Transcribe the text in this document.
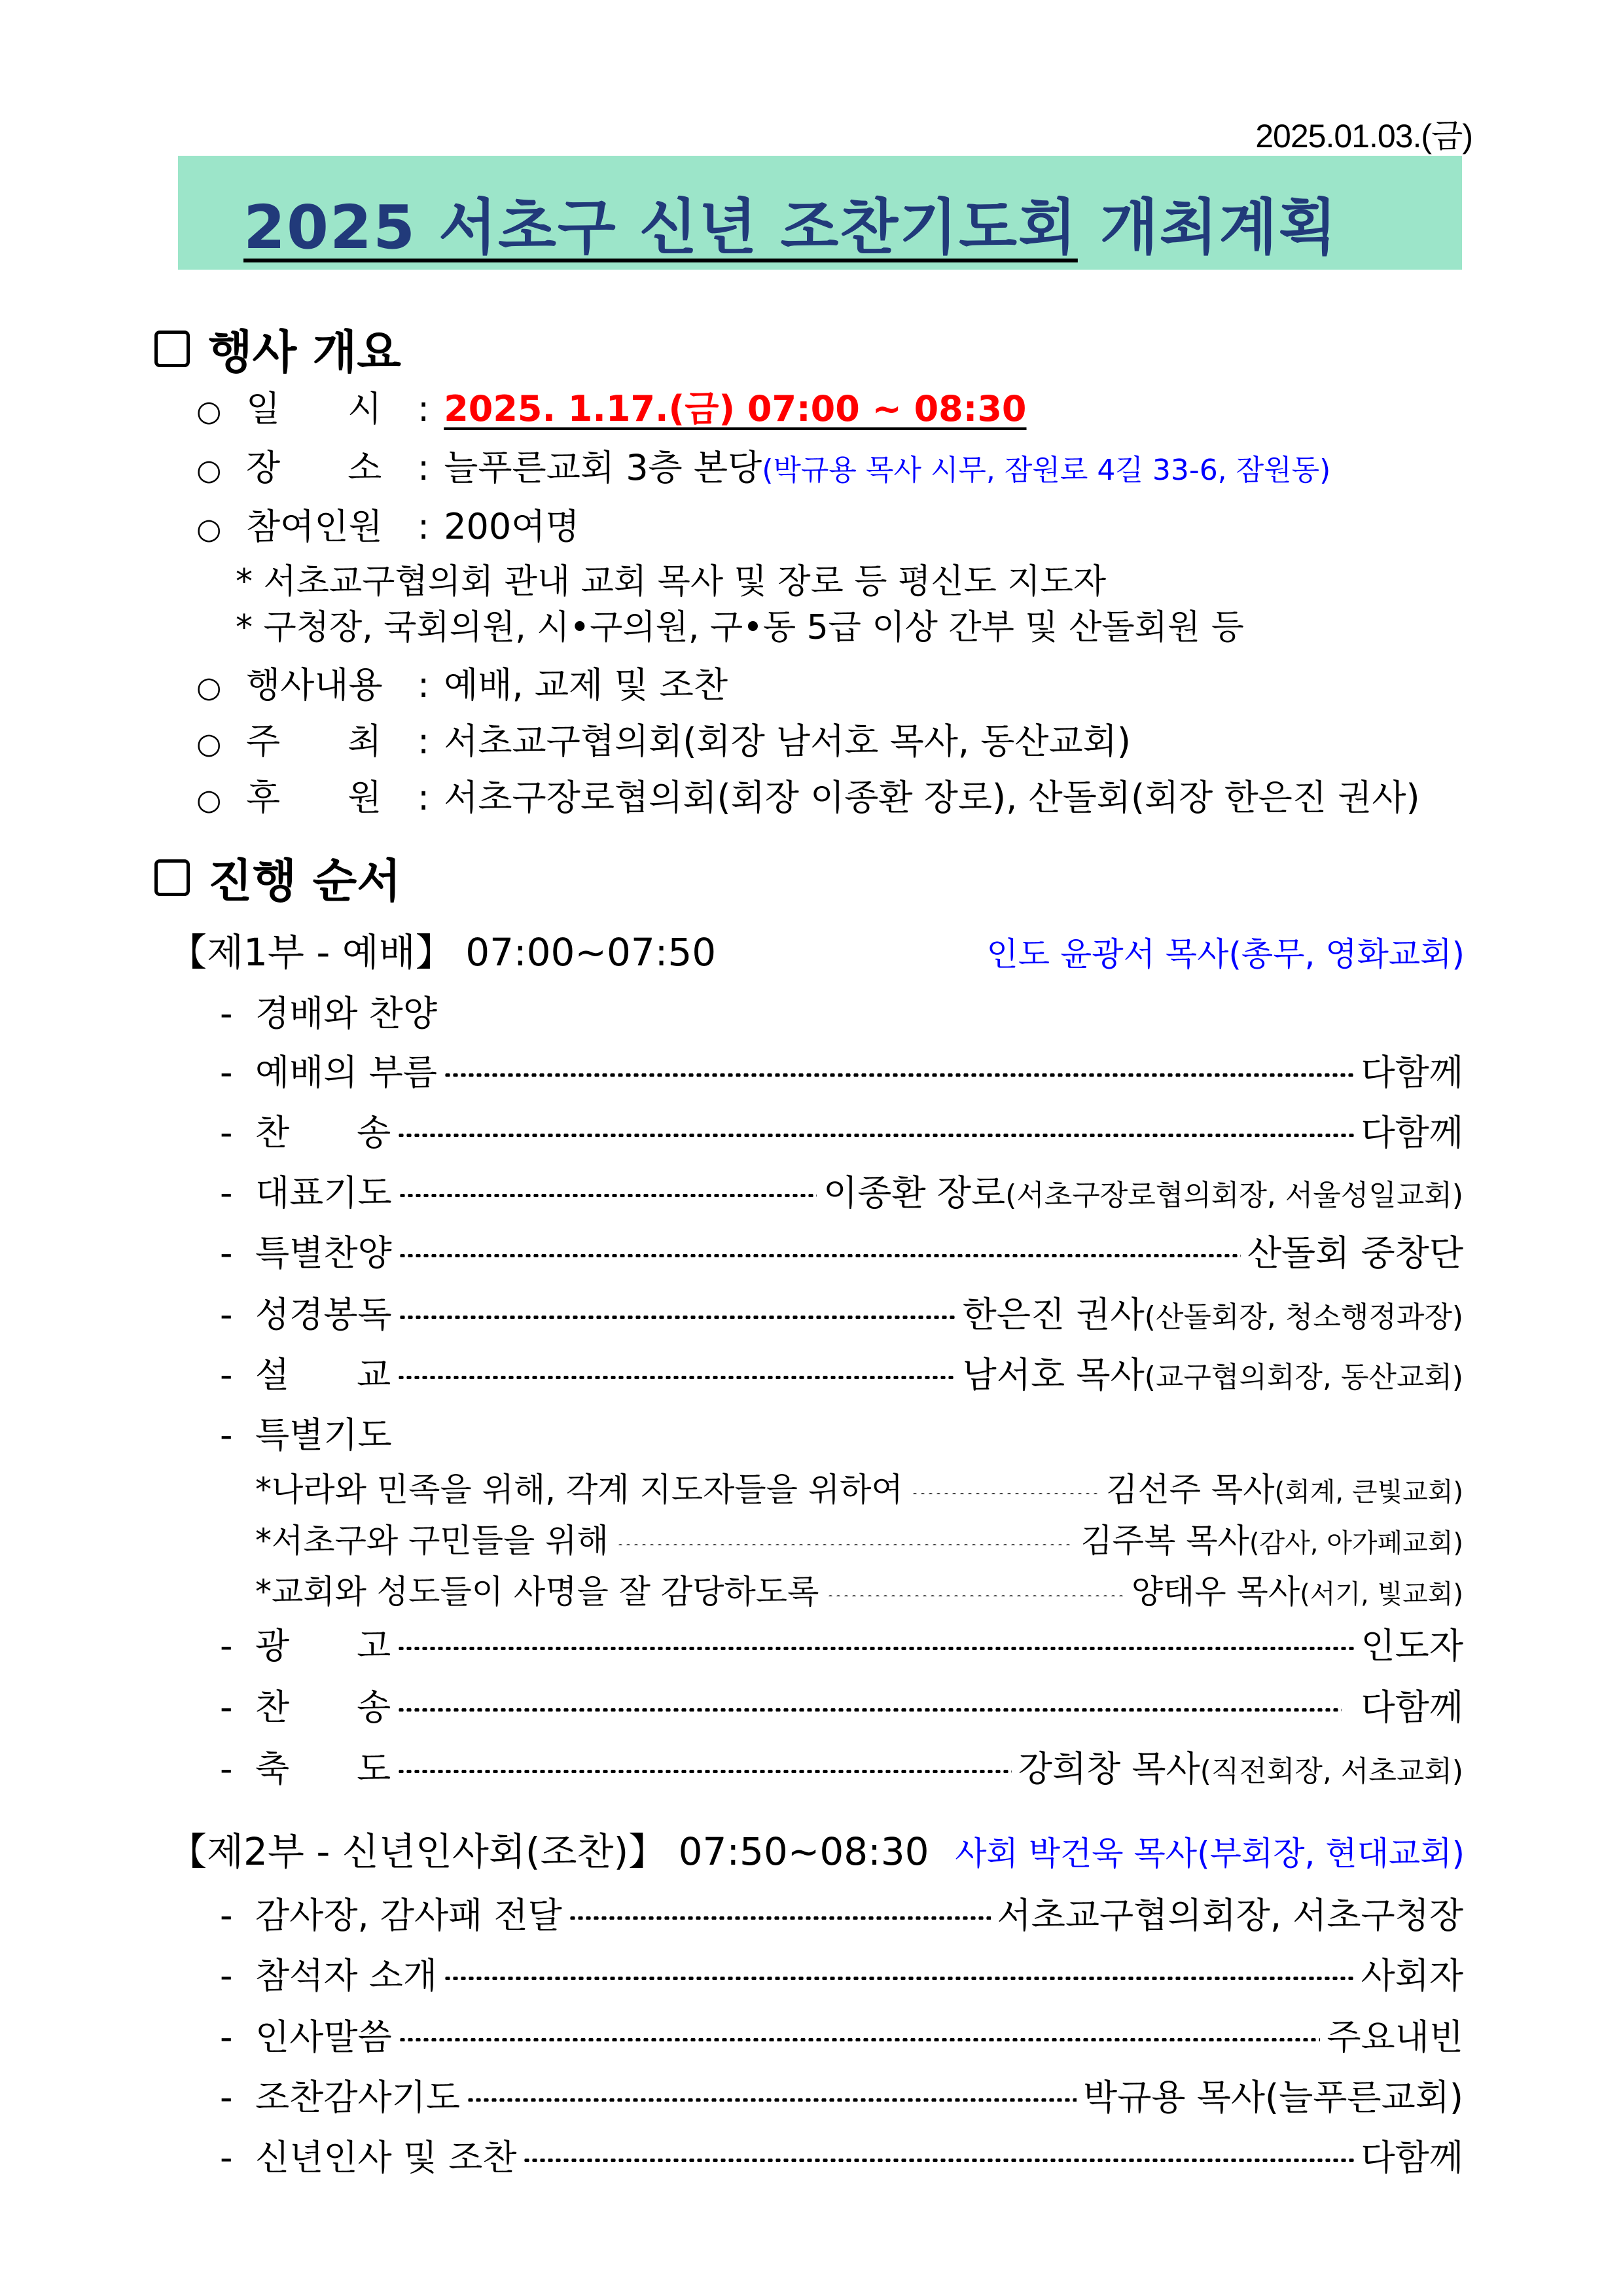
2025.01.03.(금)
2025 서초구 신년 조찬기도회 개최계획
행사 개요
○ 일      시	: 2025. 1.17.(금) 07:00 ~ 08:30
○ 장      소	: 늘푸른교회 3층 본당 (박규용 목사 시무, 잠원로 4길 33-6, 잠원동)
○ 참여인원 : 200여명
* 서초교구협의회 관내 교회 목사 및 장로 등 평신도 지도자
* 구청장, 국회의원, 시•구의원, 구•동 5급 이상 간부 및 산돌회원 등
○ 행사내용 : 예배, 교제 및 조찬
○ 주      최	: 서초교구협의회(회장 남서호 목사, 동산교회)
○ 후      원	: 서초구장로협의회(회장 이종환 장로), 산돌회(회장 한은진 권사)
진행 순서
【제1부 - 예배】 07:00~07:50	인도 윤광서 목사(총무, 영화교회)
- 경배와 찬양
- 예배의 부름	다함께
- 찬      송	다함께
- 대표기도	이종환 장로(서초구장로협의회장, 서울성일교회)
- 특별찬양	산돌회 중창단
- 성경봉독	한은진 권사(산돌회장, 청소행정과장)
- 설      교	남서호 목사(교구협의회장, 동산교회)
- 특별기도
*나라와 민족을 위해, 각계 지도자들을 위하여	김선주 목사(회계, 큰빛교회)
*서초구와 구민들을 위해	김주복 목사(감사, 아가페교회)
*교회와 성도들이 사명을 잘 감당하도록	양태우 목사(서기, 빛교회)
- 광      고	인도자
- 찬      송	다함께
- 축      도	강희창 목사(직전회장, 서초교회)
【제2부 - 신년인사회(조찬)】 07:50~08:30 사회 박건욱 목사(부회장, 현대교회)
- 감사장, 감사패 전달	서초교구협의회장, 서초구청장
- 참석자 소개	사회자
- 인사말씀	주요내빈
- 조찬감사기도	박규용 목사(늘푸른교회)
- 신년인사 및 조찬	다함께
